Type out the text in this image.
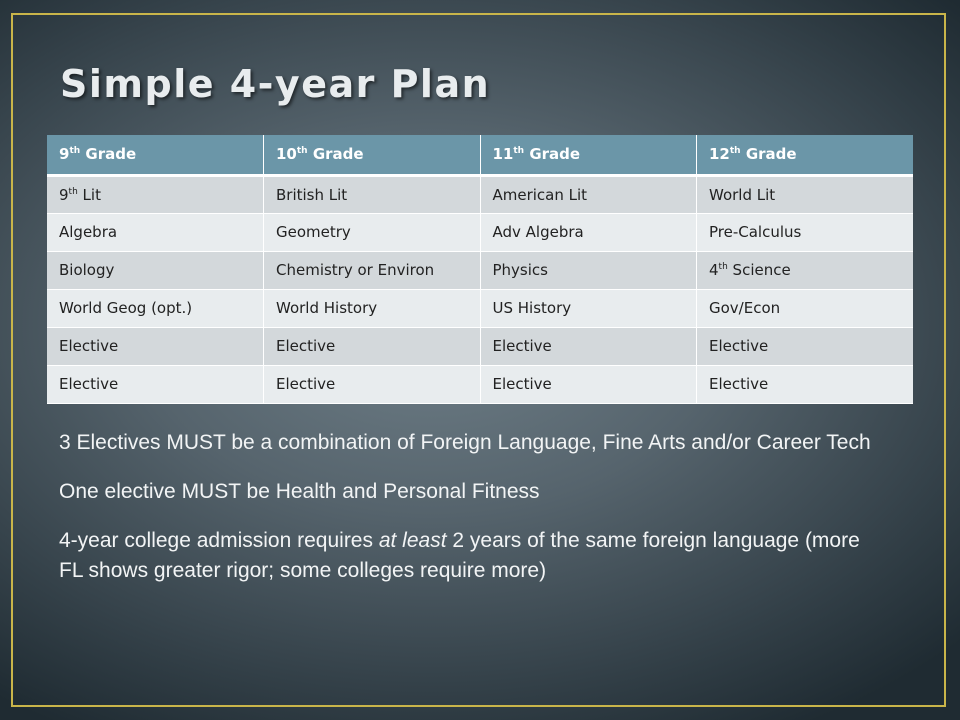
Simple 4-year Plan
9th Grade	10th Grade	11th Grade	12th Grade
9th Lit	British Lit	American Lit	World Lit
Algebra	Geometry	Adv Algebra	Pre-Calculus
Biology	Chemistry or Environ	Physics	4th Science
World Geog (opt.)	World History	US History	Gov/Econ
Elective	Elective	Elective	Elective
Elective	Elective	Elective	Elective

3 Electives MUST be a combination of Foreign Language, Fine Arts and/or Career Tech

One elective MUST be Health and Personal Fitness

4-year college admission requires at least 2 years of the same foreign language (more FL shows greater rigor; some colleges require more)
